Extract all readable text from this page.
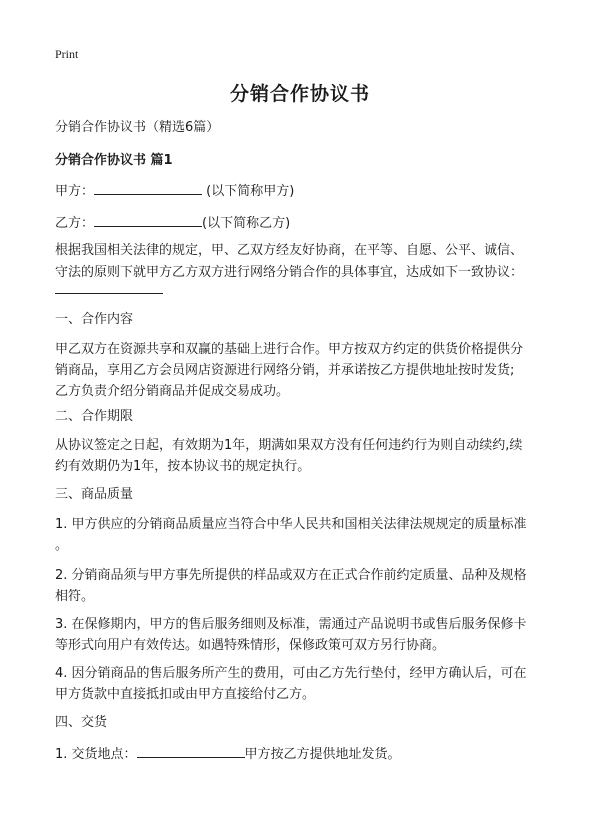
Print
分销合作协议书
分销合作协议书（精选6篇）
分销合作协议书 篇1
甲方：	(以下简称甲方)
乙方：	(以下简称乙方)
根据我国相关法律的规定，甲、乙双方经友好协商，在平等、自愿、公平、诚信、
守法的原则下就甲方乙方双方进行网络分销合作的具体事宜，达成如下一致协议：
一、合作内容
甲乙双方在资源共享和双赢的基础上进行合作。甲方按双方约定的供货价格提供分
销商品，享用乙方会员网店资源进行网络分销，并承诺按乙方提供地址按时发货;
乙方负责介绍分销商品并促成交易成功。
二、合作期限
从协议签定之日起，有效期为1年，期满如果双方没有任何违约行为则自动续约,续
约有效期仍为1年，按本协议书的规定执行。
三、商品质量
1. 甲方供应的分销商品质量应当符合中华人民共和国相关法律法规规定的质量标准
。
2. 分销商品须与甲方事先所提供的样品或双方在正式合作前约定质量、品种及规格
相符。
3. 在保修期内，甲方的售后服务细则及标准，需通过产品说明书或售后服务保修卡
等形式向用户有效传达。如遇特殊情形，保修政策可双方另行协商。
4. 因分销商品的售后服务所产生的费用，可由乙方先行垫付，经甲方确认后，可在
甲方货款中直接抵扣或由甲方直接给付乙方。
四、交货
1. 交货地点：	甲方按乙方提供地址发货。
